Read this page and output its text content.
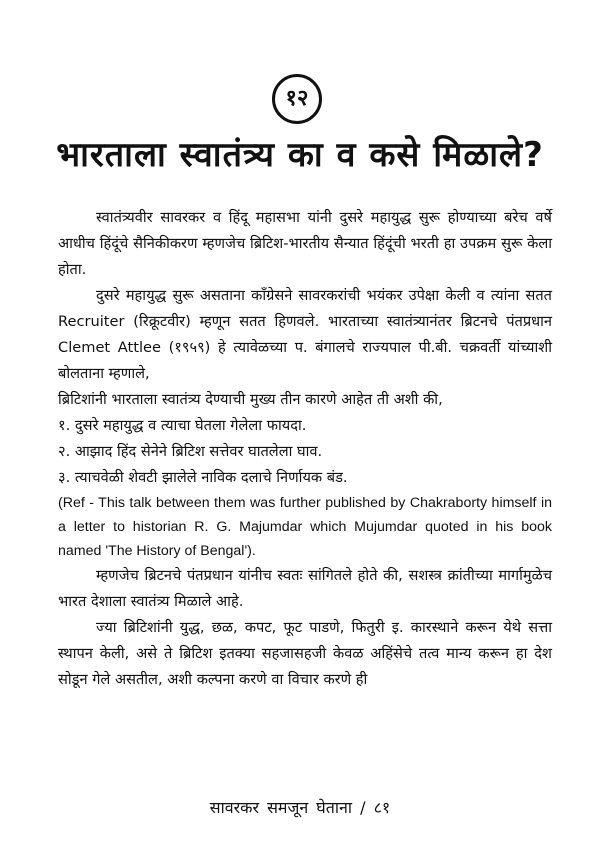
१२
भारताला स्वातंत्र्य का व कसे मिळाले?

स्वातंत्र्यवीर सावरकर व हिंदू महासभा यांनी दुसरे महायुद्ध सुरू होण्याच्या बरेच वर्षे आधीच हिंदूंचे सैनिकीकरण म्हणजेच ब्रिटिश-भारतीय सैन्यात हिंदूंची भरती हा उपक्रम सुरू केला होता.

दुसरे महायुद्ध सुरू असताना काँग्रेसने सावरकरांची भयंकर उपेक्षा केली व त्यांना सतत Recruiter (रिक्रूटवीर) म्हणून सतत हिणवले. भारताच्या स्वातंत्र्यानंतर ब्रिटनचे पंतप्रधान Clemet Attlee (१९५९) हे त्यावेळच्या प. बंगालचे राज्यपाल पी.बी. चक्रवर्ती यांच्याशी बोलताना म्हणाले,

ब्रिटिशांनी भारताला स्वातंत्र्य देण्याची मुख्य तीन कारणे आहेत ती अशी की,

१. दुसरे महायुद्ध व त्याचा घेतला गेलेला फायदा.

२. आझाद हिंद सेनेने ब्रिटिश सत्तेवर घातलेला घाव.

३. त्याचवेळी शेवटी झालेले नाविक दलाचे निर्णायक बंड.

(Ref - This talk between them was further published by Chakraborty himself in a letter to historian R. G. Majumdar which Mujumdar quoted in his book named 'The History of Bengal').

म्हणजेच ब्रिटनचे पंतप्रधान यांनीच स्वतः सांगितले होते की, सशस्त्र क्रांतीच्या मार्गामुळेच भारत देशाला स्वातंत्र्य मिळाले आहे.

ज्या ब्रिटिशांनी युद्ध, छळ, कपट, फूट पाडणे, फितुरी इ. कारस्थाने करून येथे सत्ता स्थापन केली, असे ते ब्रिटिश इतक्या सहजासहजी केवळ अहिंसेचे तत्व मान्य करून हा देश सोडून गेले असतील, अशी कल्पना करणे वा विचार करणे ही

सावरकर समजून घेताना / ८१
